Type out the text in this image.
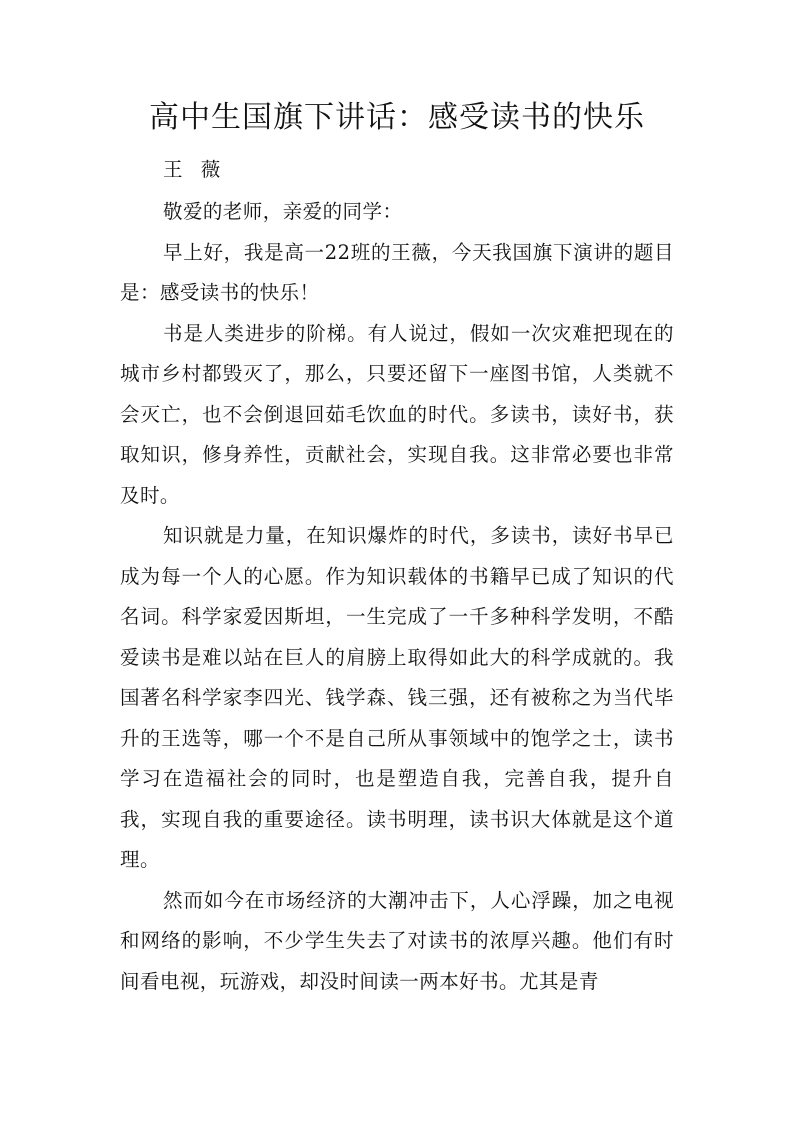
高中生国旗下讲话：感受读书的快乐

王 薇

敬爱的老师，亲爱的同学：

早上好，我是高一22班的王薇，今天我国旗下演讲的题目是：感受读书的快乐！

书是人类进步的阶梯。有人说过，假如一次灾难把现在的城市乡村都毁灭了，那么，只要还留下一座图书馆，人类就不会灭亡，也不会倒退回茹毛饮血的时代。多读书，读好书，获取知识，修身养性，贡献社会，实现自我。这非常必要也非常及时。

知识就是力量，在知识爆炸的时代，多读书，读好书早已成为每一个人的心愿。作为知识载体的书籍早已成了知识的代名词。科学家爱因斯坦，一生完成了一千多种科学发明，不酷爱读书是难以站在巨人的肩膀上取得如此大的科学成就的。我国著名科学家李四光、钱学森、钱三强，还有被称之为当代毕升的王选等，哪一个不是自己所从事领域中的饱学之士，读书学习在造福社会的同时，也是塑造自我，完善自我，提升自我，实现自我的重要途径。读书明理，读书识大体就是这个道理。

然而如今在市场经济的大潮冲击下，人心浮躁，加之电视和网络的影响，不少学生失去了对读书的浓厚兴趣。他们有时间看电视，玩游戏，却没时间读一两本好书。尤其是青
